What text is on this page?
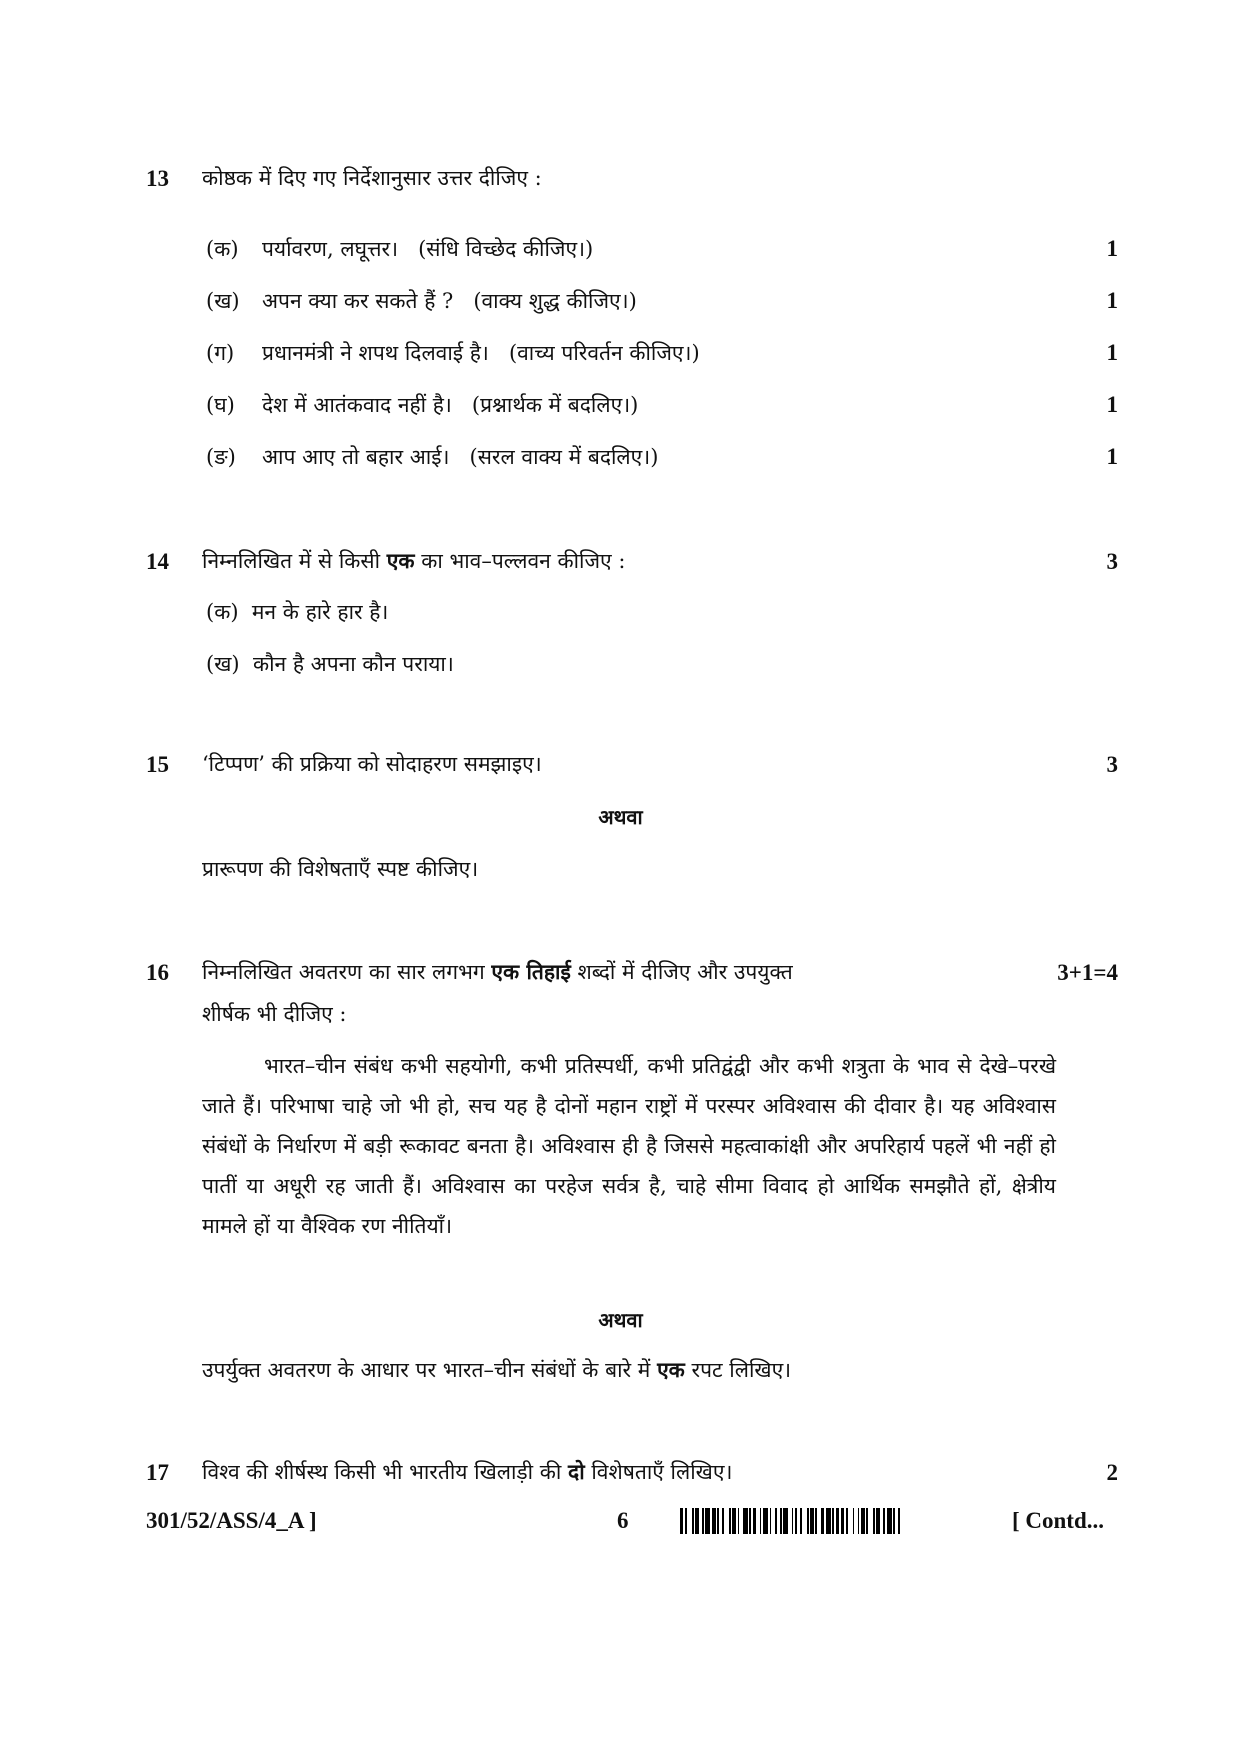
13 कोष्ठक में दिए गए निर्देशानुसार उत्तर दीजिए :
(क) पर्यावरण, लघूत्तर। (संधि विच्छेद कीजिए।)	1
(ख) अपन क्या कर सकते हैं ? (वाक्य शुद्ध कीजिए।)	1
(ग) प्रधानमंत्री ने शपथ दिलवाई है। (वाच्य परिवर्तन कीजिए।)	1
(घ) देश में आतंकवाद नहीं है। (प्रश्नार्थक में बदलिए।)	1
(ङ) आप आए तो बहार आई। (सरल वाक्य में बदलिए।)	1
14 निम्नलिखित में से किसी एक का भाव–पल्लवन कीजिए :	3
(क) मन के हारे हार है।
(ख) कौन है अपना कौन पराया।
15 ‘टिप्पण’ की प्रक्रिया को सोदाहरण समझाइए।	3
अथवा
प्रारूपण की विशेषताएँ स्पष्ट कीजिए।
16 निम्नलिखित अवतरण का सार लगभग एक तिहाई शब्दों में दीजिए और उपयुक्त	3+1=4
शीर्षक भी दीजिए :
भारत–चीन संबंध कभी सहयोगी, कभी प्रतिस्पर्धी, कभी प्रतिद्वंद्वी और कभी शत्रुता के भाव से देखे–परखे जाते हैं। परिभाषा चाहे जो भी हो, सच यह है दोनों महान राष्ट्रों में परस्पर अविश्वास की दीवार है। यह अविश्वास संबंधों के निर्धारण में बड़ी रूकावट बनता है। अविश्वास ही है जिससे महत्वाकांक्षी और अपरिहार्य पहलें भी नहीं हो पातीं या अधूरी रह जाती हैं। अविश्वास का परहेज सर्वत्र है, चाहे सीमा विवाद हो आर्थिक समझौते हों, क्षेत्रीय मामले हों या वैश्विक रण नीतियाँ।
अथवा
उपर्युक्त अवतरण के आधार पर भारत–चीन संबंधों के बारे में एक रपट लिखिए।
17 विश्व की शीर्षस्थ किसी भी भारतीय खिलाड़ी की दो विशेषताएँ लिखिए।	2
301/52/ASS/4_A ]	6	[ Contd...
